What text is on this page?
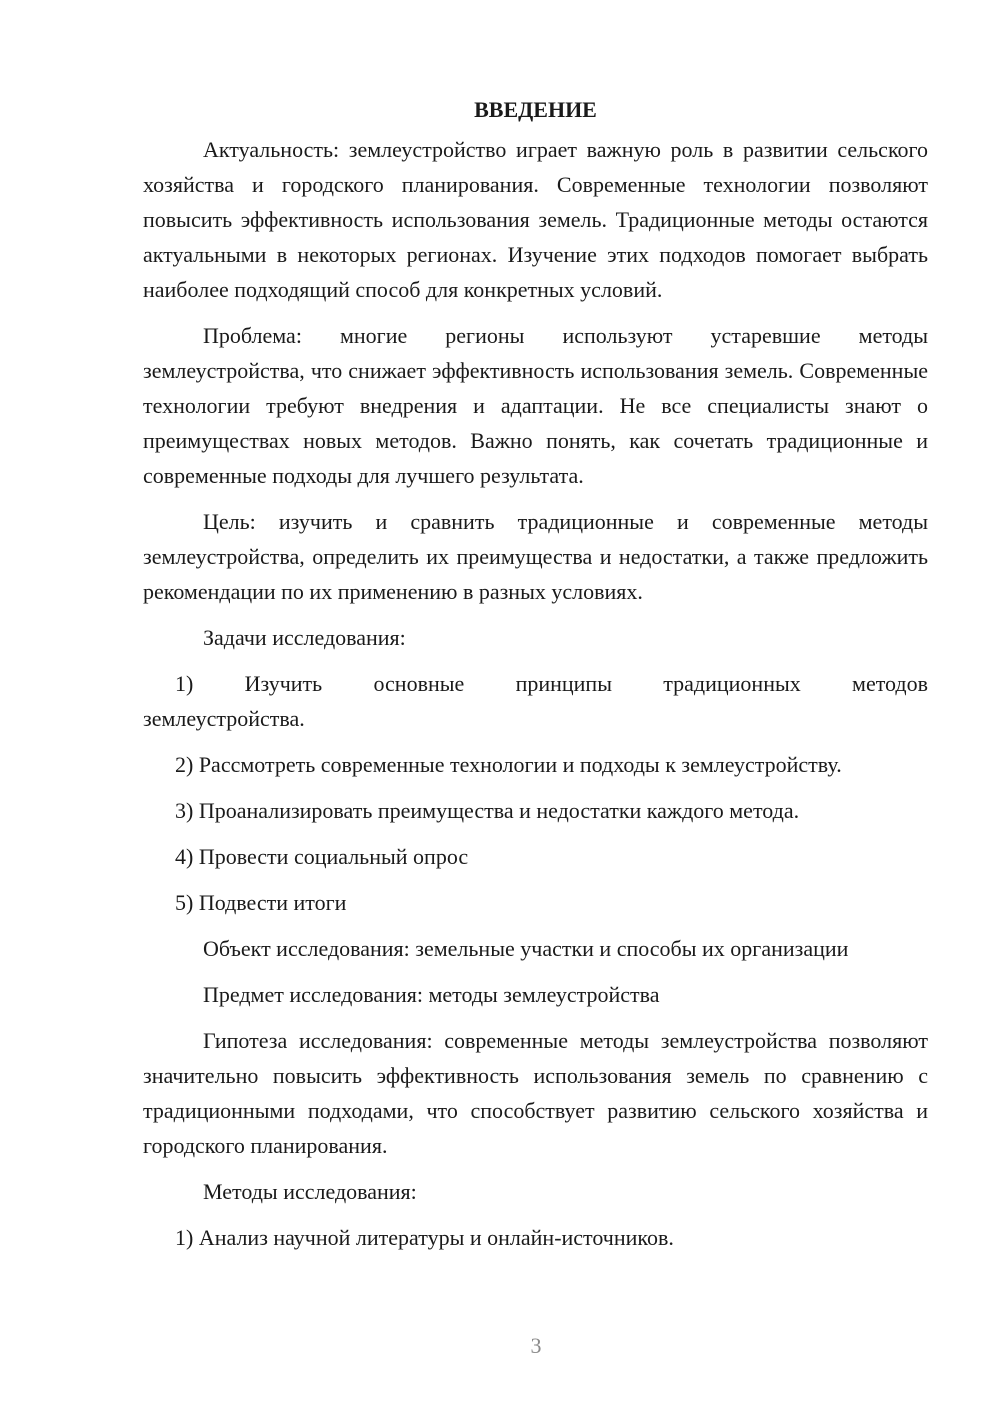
ВВЕДЕНИЕ

Актуальность: землеустройство играет важную роль в развитии сельского хозяйства и городского планирования. Современные технологии позволяют повысить эффективность использования земель. Традиционные методы остаются актуальными в некоторых регионах. Изучение этих подходов помогает выбрать наиболее подходящий способ для конкретных условий.

Проблема: многие регионы используют устаревшие методы землеустройства, что снижает эффективность использования земель. Современные технологии требуют внедрения и адаптации. Не все специалисты знают о преимуществах новых методов. Важно понять, как сочетать традиционные и современные подходы для лучшего результата.

Цель: изучить и сравнить традиционные и современные методы землеустройства, определить их преимущества и недостатки, а также предложить рекомендации по их применению в разных условиях.

Задачи исследования:

1) Изучить основные принципы традиционных методов

землеустройства.

2) Рассмотреть современные технологии и подходы к землеустройству.

3) Проанализировать преимущества и недостатки каждого метода.

4) Провести социальный опрос

5) Подвести итоги

Объект исследования: земельные участки и способы их организации

Предмет исследования: методы землеустройства

Гипотеза исследования: современные методы землеустройства позволяют значительно повысить эффективность использования земель по сравнению с традиционными подходами, что способствует развитию сельского хозяйства и городского планирования.

Методы исследования:

1) Анализ научной литературы и онлайн-источников.

3
